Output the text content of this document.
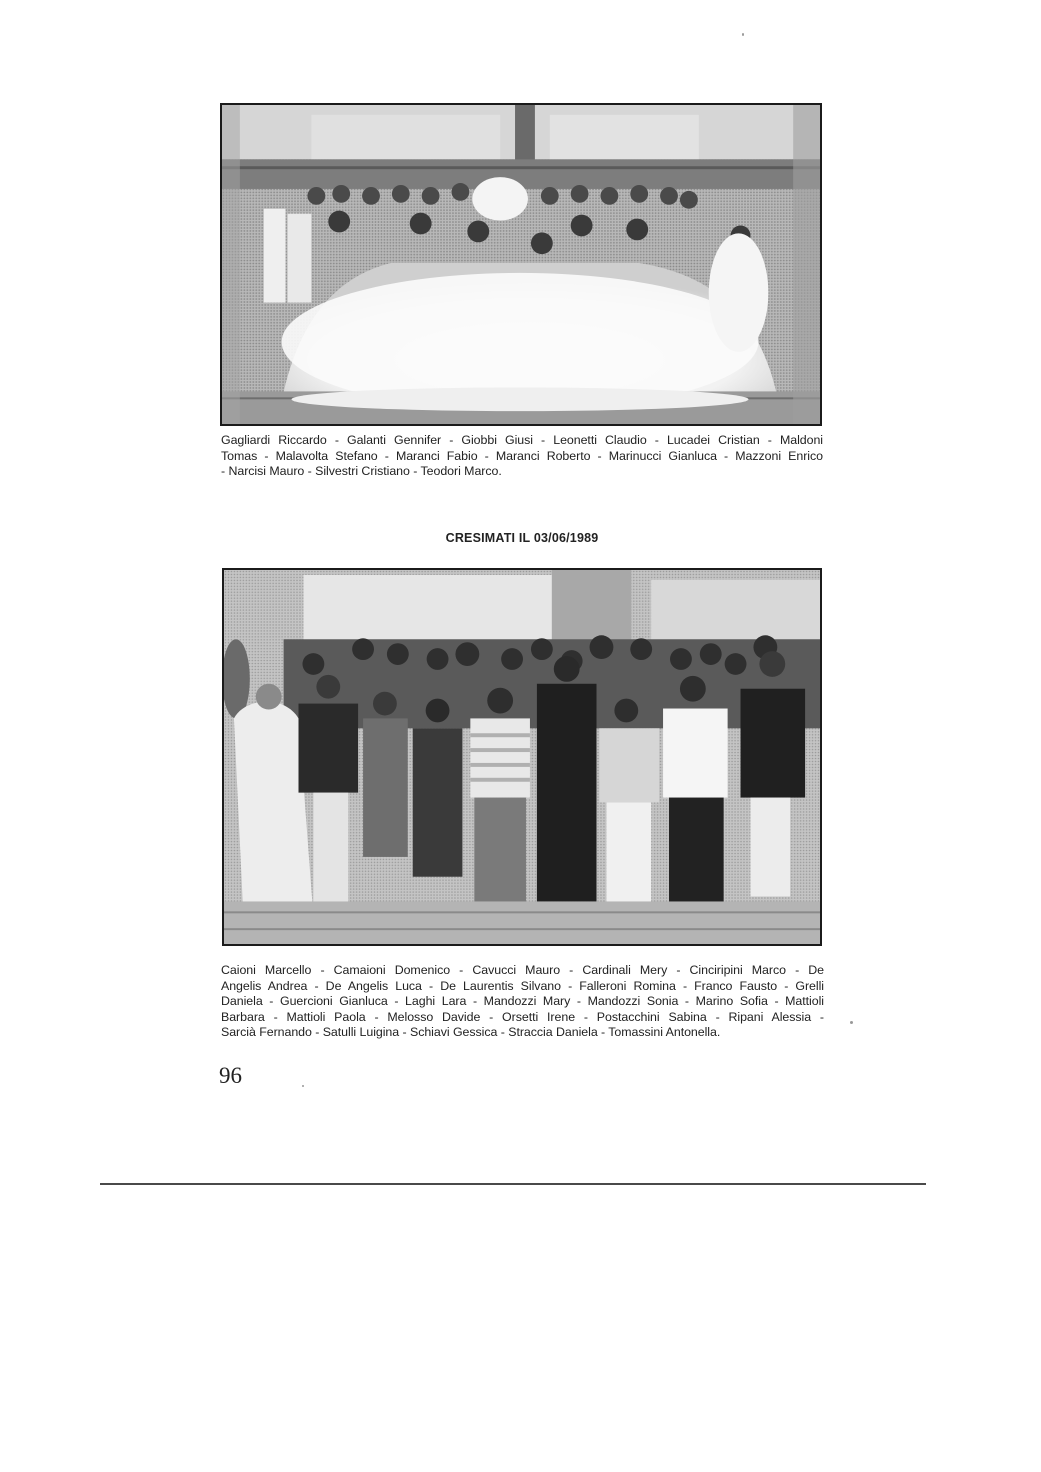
Gagliardi Riccardo - Galanti Gennifer - Giobbi Giusi - Leonetti Claudio - Lucadei Cristian - Maldoni
Tomas - Malavolta Stefano - Maranci Fabio - Maranci Roberto - Marinucci Gianluca - Mazzoni Enrico
- Narcisi Mauro - Silvestri Cristiano - Teodori Marco.
CRESIMATI IL 03/06/1989
Caioni Marcello - Camaioni Domenico - Cavucci Mauro - Cardinali Mery - Cinciripini Marco - De
Angelis Andrea - De Angelis Luca - De Laurentis Silvano - Falleroni Romina - Franco Fausto - Grelli
Daniela - Guercioni Gianluca - Laghi Lara - Mandozzi Mary - Mandozzi Sonia - Marino Sofia - Mattioli
Barbara - Mattioli Paola - Melosso Davide - Orsetti Irene - Postacchini Sabina - Ripani Alessia -
Sarcià Fernando - Satulli Luigina - Schiavi Gessica - Straccia Daniela - Tomassini Antonella.
96
